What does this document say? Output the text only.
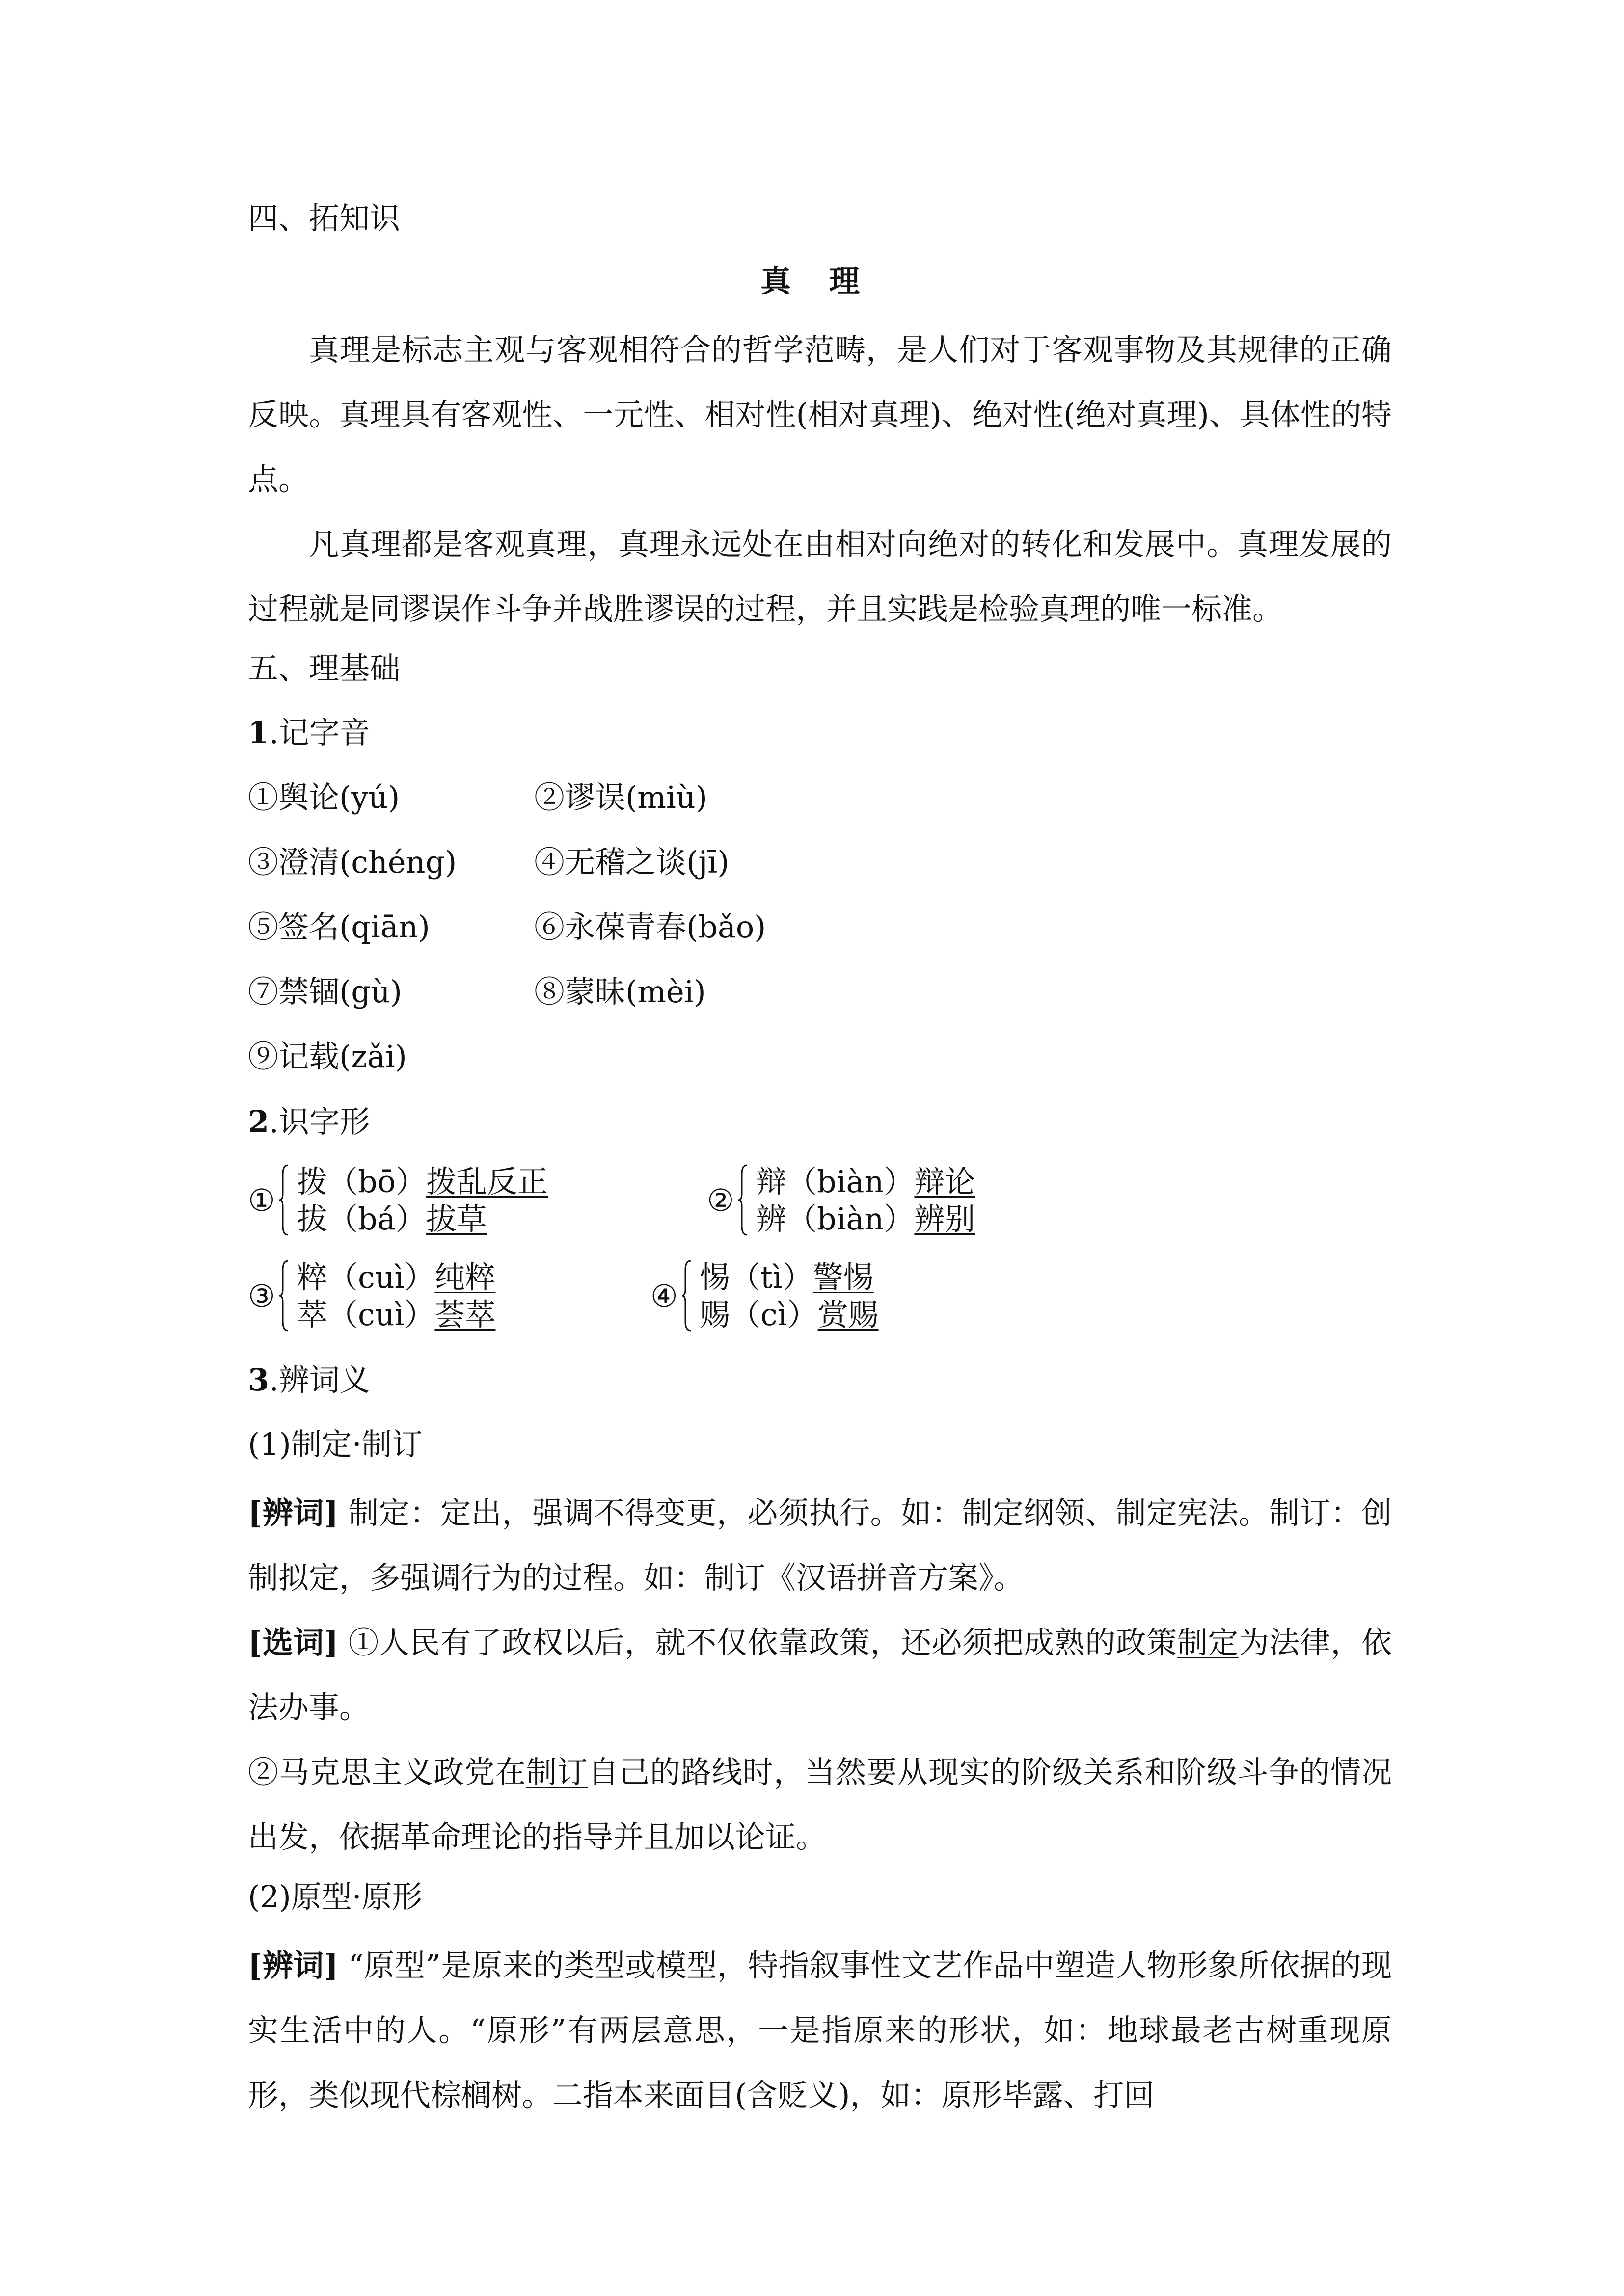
四、拓知识
真　理
真理是标志主观与客观相符合的哲学范畴，是人们对于客观事物及其规律的正确反映。真理具有客观性、一元性、相对性(相对真理)、绝对性(绝对真理)、具体性的特点。
凡真理都是客观真理，真理永远处在由相对向绝对的转化和发展中。真理发展的过程就是同谬误作斗争并战胜谬误的过程，并且实践是检验真理的唯一标准。
五、理基础
1.记字音
①舆论(yú)	②谬误(miù)
③澄清(chéng)	④无稽之谈(jī)
⑤签名(qiān)	⑥永葆青春(bǎo)
⑦禁锢(gù)	⑧蒙昧(mèi)
⑨记载(zǎi)
2.识字形
①
拨（bō）拨乱反正
拔（bá）拔草
②
辩（biàn）辩论
辨（biàn）辨别
③
粹（cuì）纯粹
萃（cuì）荟萃
④
惕（tì）警惕
赐（cì）赏赐
3.辨词义
(1)制定·制订
[辨词] 制定：定出，强调不得变更，必须执行。如：制定纲领、制定宪法。制订：创制拟定，多强调行为的过程。如：制订《汉语拼音方案》。
[选词] ①人民有了政权以后，就不仅依靠政策，还必须把成熟的政策制定为法律，依法办事。
②马克思主义政党在制订自己的路线时，当然要从现实的阶级关系和阶级斗争的情况出发，依据革命理论的指导并且加以论证。
(2)原型·原形
[辨词] “原型”是原来的类型或模型，特指叙事性文艺作品中塑造人物形象所依据的现实生活中的人。“原形”有两层意思，一是指原来的形状，如：地球最老古树重现原形，类似现代棕榈树。二指本来面目(含贬义)，如：原形毕露、打回
